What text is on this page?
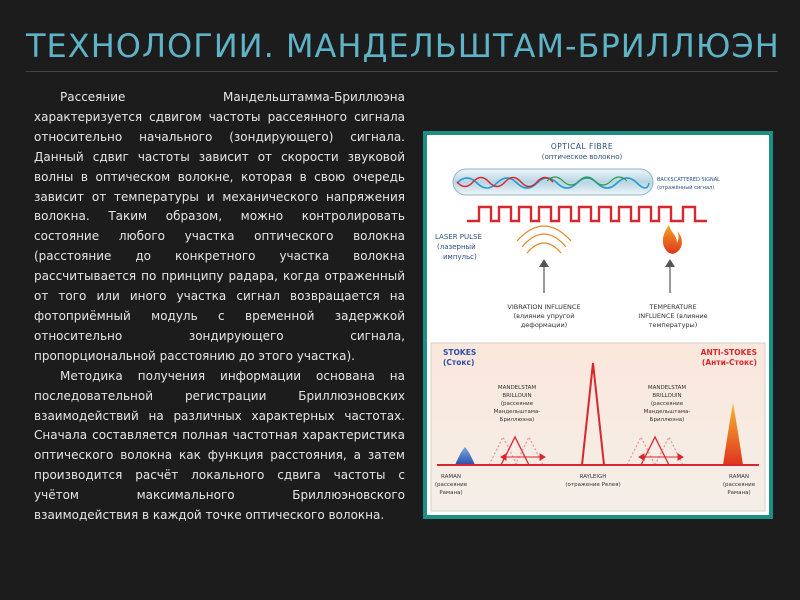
ТЕХНОЛОГИИ. МАНДЕЛЬШТАМ-БРИЛЛЮЭН

Рассеяние Мандельштамма-Бриллюэна характеризуется сдвигом частоты рассеянного сигнала относительно начального (зондирующего) сигнала. Данный сдвиг частоты зависит от скорости звуковой волны в оптическом волокне, которая в свою очередь зависит от температуры и механического напряжения волокна. Таким образом, можно контролировать состояние любого участка оптического волокна (расстояние до конкретного участка волокна рассчитывается по принципу радара, когда отраженный от того или иного участка сигнал возвращается на фотоприёмный модуль с временной задержкой относительно зондирующего сигнала, пропорциональной расстоянию до этого участка).

Методика получения информации основана на последовательной регистрации Бриллюэновских взаимодействий на различных характерных частотах. Сначала составляется полная частотная характеристика оптического волокна как функция расстояния, а затем производится расчёт локального сдвига частоты с учётом максимального Бриллюэновского взаимодействия в каждой точке оптического волокна.

OPTICAL FIBRE
(оптическое волокно)
BACKSCATTERED SIGNAL
(отражённый сигнал)
LASER PULSE
(лазерный
импульс)
VIBRATION INFLUENCE
(влияние упругой
деформации)
TEMPERATURE
INFLUENCE (влияние
температуры)
STOKES
(Стокс)
ANTI-STOKES
(Анти-Стокс)
MANDELSTAM
BRILLOUIN
(рассеяние
Мандельштама-
Бриллюэна)
MANDELSTAM
BRILLOUIN
(рассеяние
Мандельштама-
Бриллюэна)
RAMAN
(рассеяние
Рамана)
RAYLEIGH
(отражение Релея)
RAMAN
(рассеяние
Рамана)
